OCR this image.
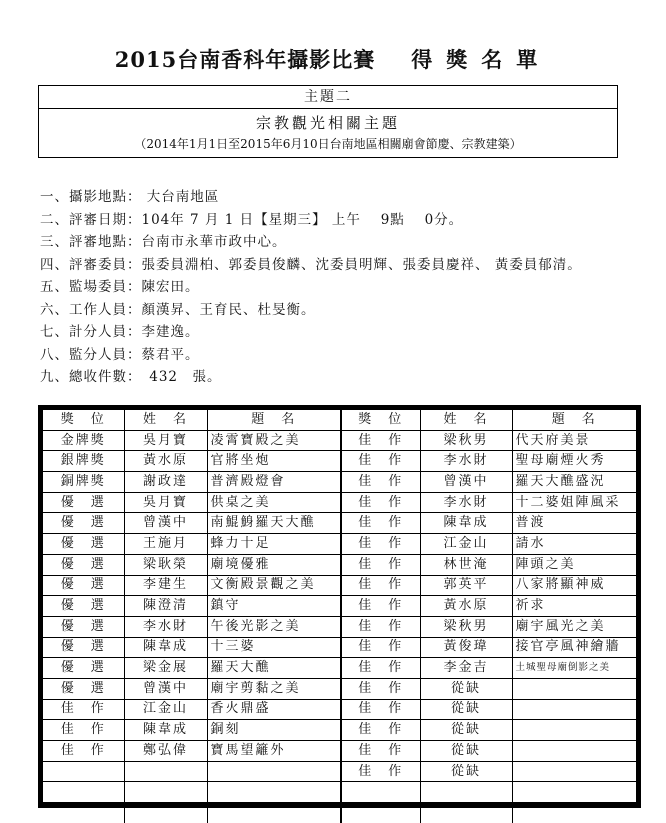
2015台南香科年攝影比賽 得獎名單
主題二
宗教觀光相關主題
（2014年1月1日至2015年6月10日台南地區相關廟會節慶、宗教建築）
一、攝影地點： 大台南地區
二、評審日期：104年 7 月 1 日【星期三】 上午　 9點　 0分。
三、評審地點：台南市永華市政中心。
四、評審委員：張委員淵柏、郭委員俊麟、沈委員明輝、張委員慶祥、 黃委員郁清。
五、監場委員：陳宏田。
六、工作人員：顏漢昇、王育民、杜旻衡。
七、計分人員：李建逸。
八、監分人員：蔡君平。
九、總收件數：　432　張。
獎　位	姓　名	題　名	獎　位	姓　名	題　名
金牌獎	吳月寶	凌霄寶殿之美	佳　作	梁秋男	代天府美景
銀牌獎	黃水原	官將坐炮	佳　作	李水財	聖母廟煙火秀
銅牌獎	謝政達	普濟殿燈會	佳　作	曾漢中	羅天大醮盛況
優　選	吳月寶	供桌之美	佳　作	李水財	十二婆姐陣風采
優　選	曾漢中	南鯤鯓羅天大醮	佳　作	陳韋成	普渡
優　選	王施月	蜂力十足	佳　作	江金山	請水
優　選	梁耿榮	廟境優雅	佳　作	林世淹	陣頭之美
優　選	李建生	文衡殿景觀之美	佳　作	郭英平	八家將顯神威
優　選	陳澄清	鎮守	佳　作	黃水原	祈求
優　選	李水財	午後光影之美	佳　作	梁秋男	廟宇風光之美
優　選	陳韋成	十三婆	佳　作	黃俊瑋	接官亭風神繪牆
優　選	梁金展	羅天大醮	佳　作	李金吉	土城聖母廟倒影之美
優　選	曾漢中	廟宇剪黏之美	佳　作	從缺	
佳　作	江金山	香火鼎盛	佳　作	從缺	
佳　作	陳韋成	銅刻	佳　作	從缺	
佳　作	鄭弘偉	寶馬望籬外	佳　作	從缺	
			佳　作	從缺	
